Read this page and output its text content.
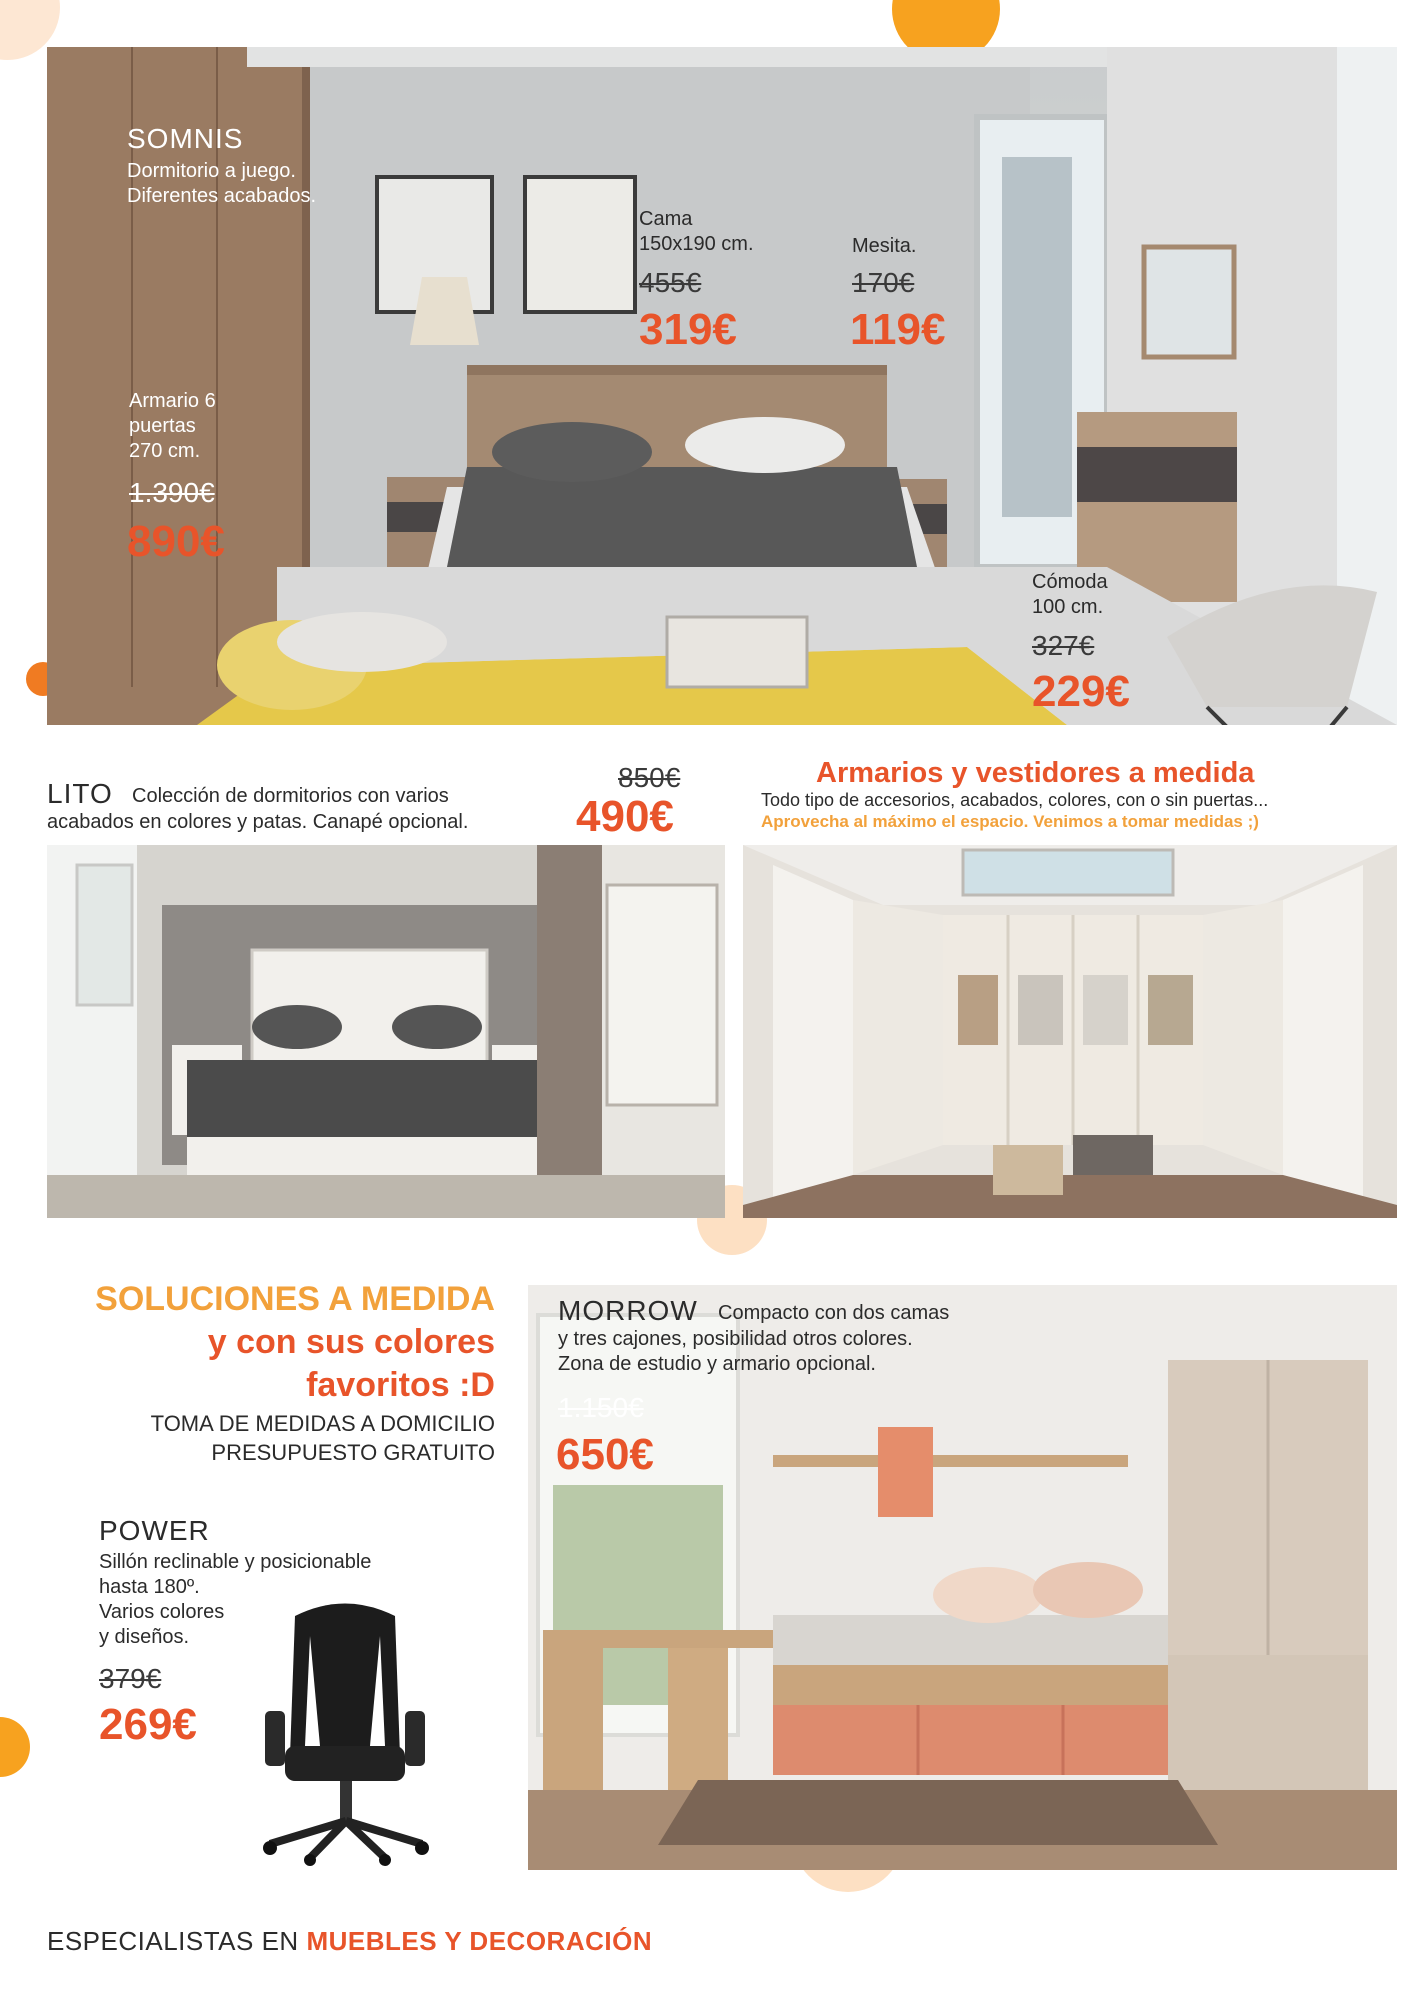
SOMNIS
Dormitorio a juego.
Diferentes acabados.
Cama
150x190 cm.
455€
319€
Mesita.
170€
119€
Armario 6
puertas
270 cm.
1.390€
890€
Cómoda
100 cm.
327€
229€
LITO Colección de dormitorios con varios
acabados en colores y patas. Canapé opcional.
850€
490€
Armarios y vestidores a medida
Todo tipo de accesorios, acabados, colores, con o sin puertas...
Aprovecha al máximo el espacio. Venimos a tomar medidas ;)
SOLUCIONES A MEDIDA
y con sus colores
favoritos :D
TOMA DE MEDIDAS A DOMICILIO
PRESUPUESTO GRATUITO
POWER
Sillón reclinable y posicionable
hasta 180º.
Varios colores
y diseños.
379€
269€
MORROW Compacto con dos camas
y tres cajones, posibilidad otros colores.
Zona de estudio y armario opcional.
1.150€
650€
ESPECIALISTAS EN MUEBLES Y DECORACIÓN
